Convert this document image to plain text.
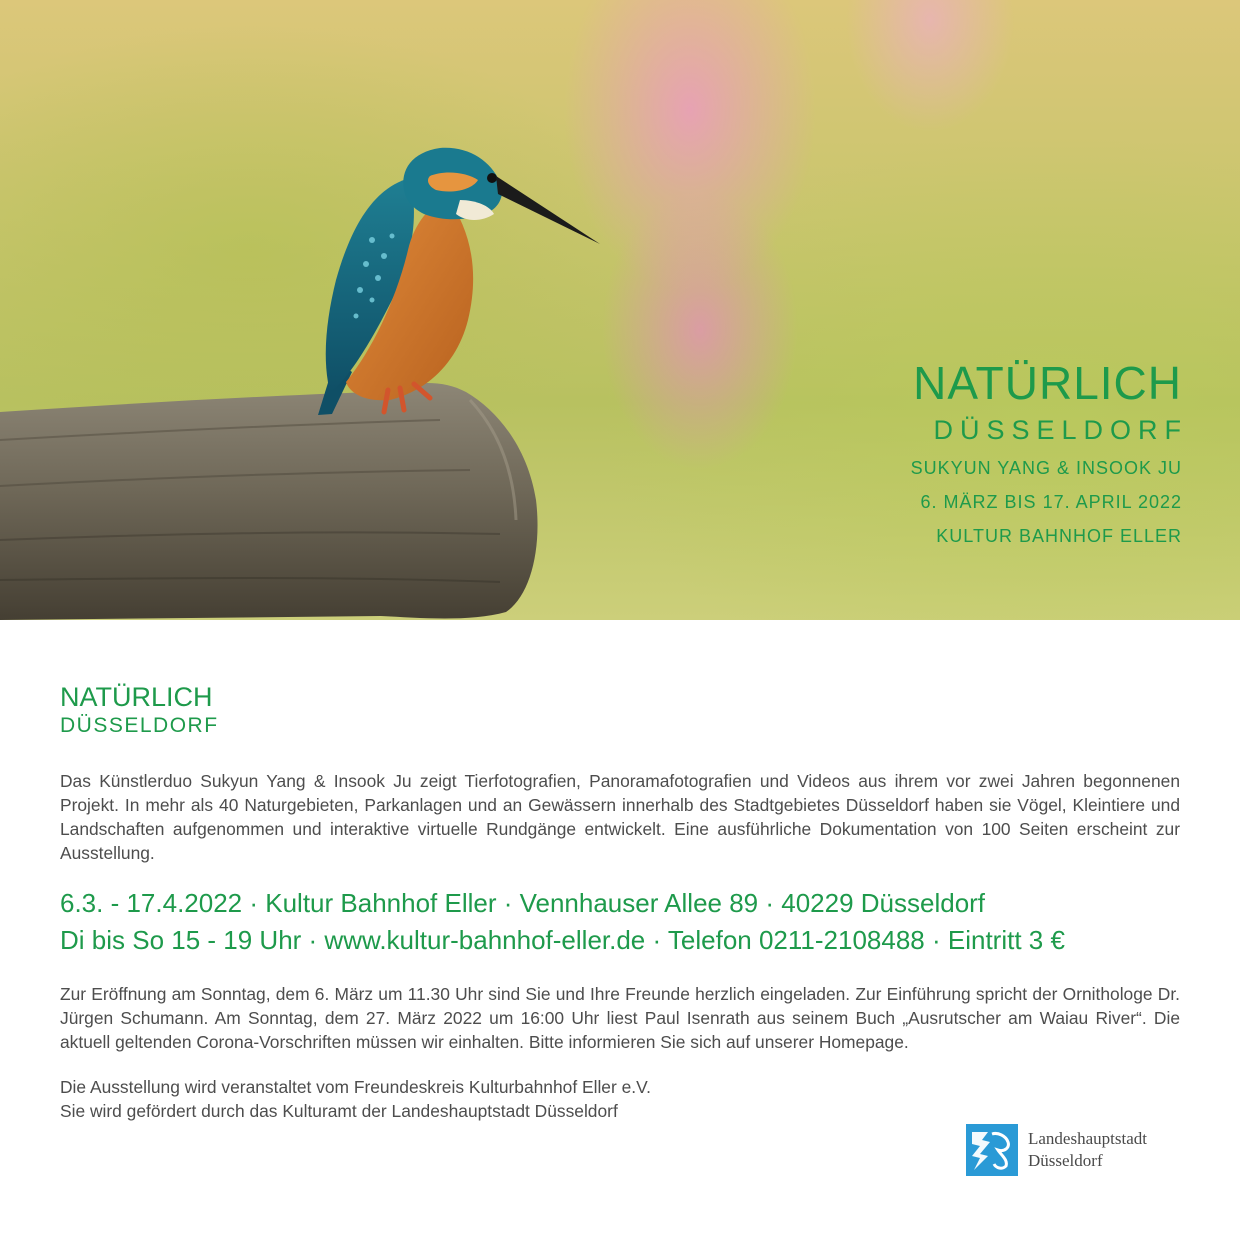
NATÜRLICH
DÜSSELDORF
SUKYUN YANG & INSOOK JU
6. MÄRZ BIS 17. APRIL 2022
KULTUR BAHNHOF ELLER
NATÜRLICH
DÜSSELDORF

Das Künstlerduo Sukyun Yang & Insook Ju zeigt Tierfotografien, Panoramafotografien und Videos aus ihrem vor zwei Jahren begonnenen Projekt. In mehr als 40 Naturgebieten, Parkanlagen und an Gewässern innerhalb des Stadtgebietes Düsseldorf haben sie Vögel, Kleintiere und Landschaften aufgenommen und interaktive virtuelle Rundgänge entwickelt. Eine ausführliche Dokumentation von 100 Seiten erscheint zur Ausstellung.

6.3. - 17.4.2022 · Kultur Bahnhof Eller · Vennhauser Allee 89 · 40229 Düsseldorf
Di bis So 15 - 19 Uhr · www.kultur-bahnhof-eller.de · Telefon 0211-2108488 · Eintritt 3 €

Zur Eröffnung am Sonntag, dem 6. März um 11.30 Uhr sind Sie und Ihre Freunde herzlich eingeladen. Zur Einführung spricht der Ornithologe Dr. Jürgen Schumann. Am Sonntag, dem 27. März 2022 um 16:00 Uhr liest Paul Isenrath aus seinem Buch „Ausrutscher am Waiau River“. Die aktuell geltenden Corona-Vorschriften müssen wir einhalten. Bitte informieren Sie sich auf unserer Homepage.

Die Ausstellung wird veranstaltet vom Freundeskreis Kulturbahnhof Eller e.V.
Sie wird gefördert durch das Kulturamt der Landeshauptstadt Düsseldorf
Landeshauptstadt
Düsseldorf
